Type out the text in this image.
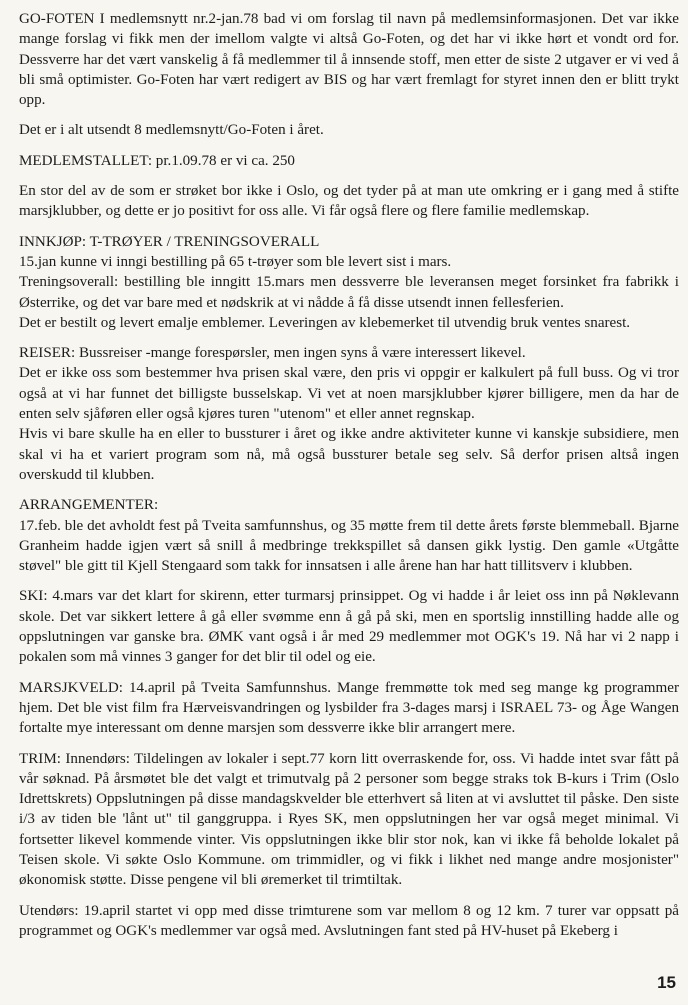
GO-FOTEN I medlemsnytt nr.2-jan.78 bad vi om forslag til navn på medlemsinformasjonen. Det var ikke mange forslag vi fikk men der imellom valgte vi altså Go-Foten, og det har vi ikke hørt et vondt ord for. Dessverre har det vært vanskelig å få medlemmer til å innsende stoff, men etter de siste 2 utgaver er vi ved å bli små optimister. Go-Foten har vært redigert av BIS og har vært fremlagt for styret innen den er blitt trykt opp.
Det er i alt utsendt 8 medlemsnytt/Go-Foten i året.
MEDLEMSTALLET: pr.1.09.78 er vi ca. 250
En stor del av de som er strøket bor ikke i Oslo, og det tyder på at man ute omkring er i gang med å stifte marsjklubber, og dette er jo positivt for oss alle. Vi får også flere og flere familie medlemskap.
INNKJØP: T-TRØYER / TRENINGSOVERALL
15.jan kunne vi inngi bestilling på 65 t-trøyer som ble levert sist i mars.
Treningsoverall: bestilling ble inngitt 15.mars men dessverre ble leveransen meget forsinket fra fabrikk i Østerrike, og det var bare med et nødskrik at vi nådde å få disse utsendt innen fellesferien.
Det er bestilt og levert emalje emblemer. Leveringen av klebemerket til utvendig bruk ventes snarest.
REISER: Bussreiser -mange forespørsler, men ingen syns å være interessert likevel.
Det er ikke oss som bestemmer hva prisen skal være, den pris vi oppgir er kalkulert på full buss. Og vi tror også at vi har funnet det billigste busselskap. Vi vet at noen marsjklubber kjører billigere, men da har de enten selv sjåføren eller også kjøres turen "utenom" et eller annet regnskap.
Hvis vi bare skulle ha en eller to bussturer i året og ikke andre aktiviteter kunne vi kanskje subsidiere, men skal vi ha et variert program som nå, må også bussturer betale seg selv. Så derfor prisen altså ingen overskudd til klubben.
ARRANGEMENTER:
17.feb. ble det avholdt fest på Tveita samfunnshus, og 35 møtte frem til dette årets første blemmeball. Bjarne Granheim hadde igjen vært så snill å medbringe trekkspillet så dansen gikk lystig. Den gamle «Utgåtte støvel" ble gitt til Kjell Stengaard som takk for innsatsen i alle årene han har hatt tillitsverv i klubben.
SKI: 4.mars var det klart for skirenn, etter turmarsj prinsippet. Og vi hadde i år leiet oss inn på Nøklevann skole. Det var sikkert lettere å gå eller svømme enn å gå på ski, men en sportslig innstilling hadde alle og oppslutningen var ganske bra. ØMK vant også i år med 29 medlemmer mot OGK's 19. Nå har vi 2 napp i pokalen som må vinnes 3 ganger for det blir til odel og eie.
MARSJKVELD: 14.april på Tveita Samfunnshus. Mange fremmøtte tok med seg mange kg programmer hjem. Det ble vist film fra Hærveisvandringen og lysbilder fra 3-dages marsj i ISRAEL 73- og Åge Wangen fortalte mye interessant om denne marsjen som dessverre ikke blir arrangert mere.
TRIM: Innendørs: Tildelingen av lokaler i sept.77 korn litt overraskende for, oss. Vi hadde intet svar fått på vår søknad. På årsmøtet ble det valgt et trimutvalg på 2 personer som begge straks tok B-kurs i Trim (Oslo Idrettskrets) Oppslutningen på disse mandagskvelder ble etterhvert så liten at vi avsluttet til påske. Den siste i/3 av tiden ble 'lånt ut" til ganggruppa. i Ryes SK, men oppslutningen her var også meget minimal. Vi fortsetter likevel kommende vinter. Vis oppslutningen ikke blir stor nok, kan vi ikke få beholde lokalet på Teisen skole. Vi søkte Oslo Kommune. om trimmidler, og vi fikk i likhet ned mange andre mosjonister" økonomisk støtte. Disse pengene vil bli øremerket til trimtiltak.
Utendørs: 19.april startet vi opp med disse trimturene som var mellom 8 og 12 km. 7 turer var oppsatt på programmet og OGK's medlemmer var også med. Avslutningen fant sted på HV-huset på Ekeberg i
15
